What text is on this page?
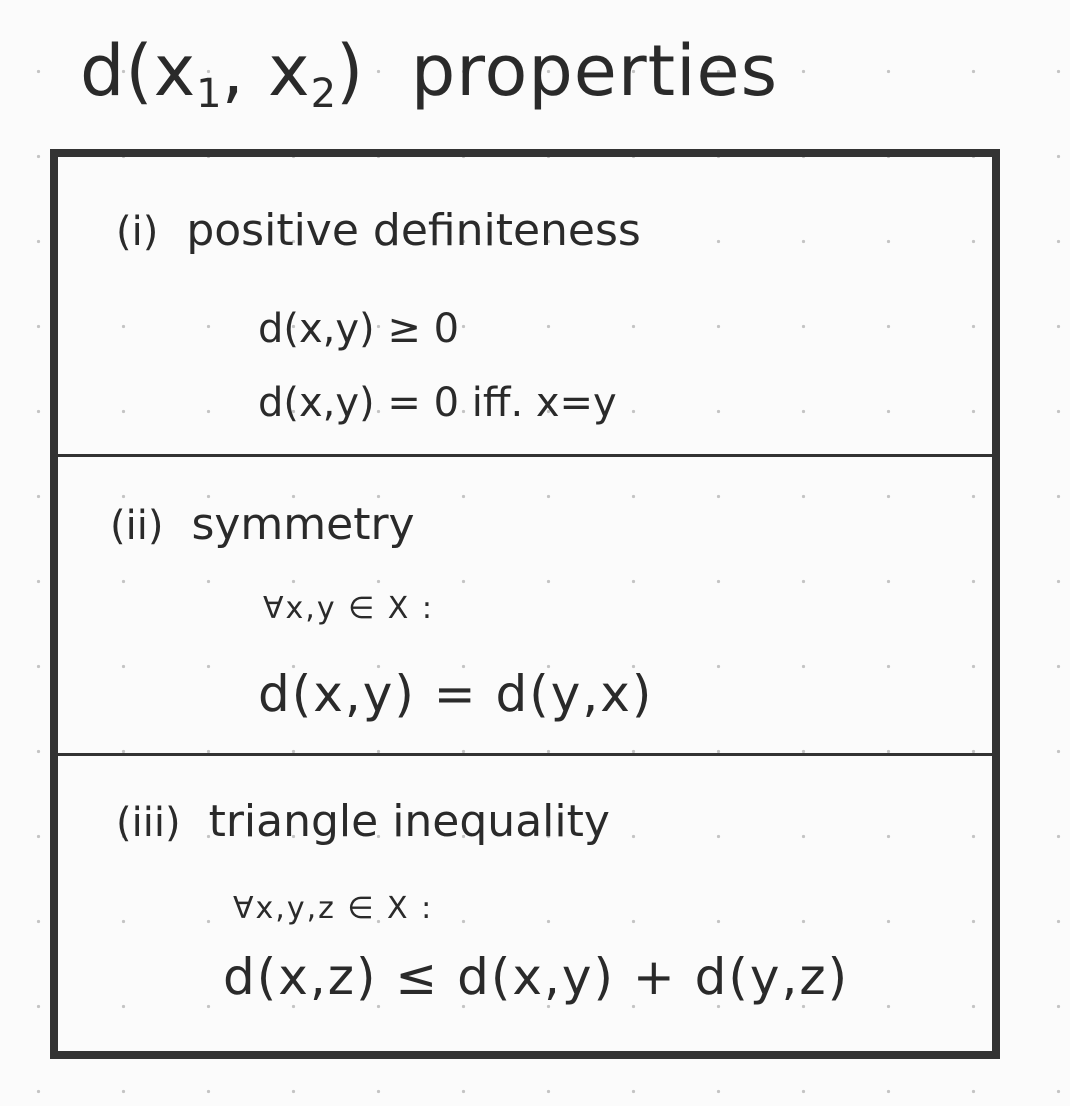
$d(x_1$, $x_2$) properties
(i) positive definiteness
d(x,y) ≥ 0
d(x,y) = 0 iff. x=y
(ii) symmetry
∀x,y ∈ X :
d(x,y) = d(y,x)
(iii) triangle inequality
∀x,y,z ∈ X :
d(x,z) ≤ d(x,y) + d(y,z)
